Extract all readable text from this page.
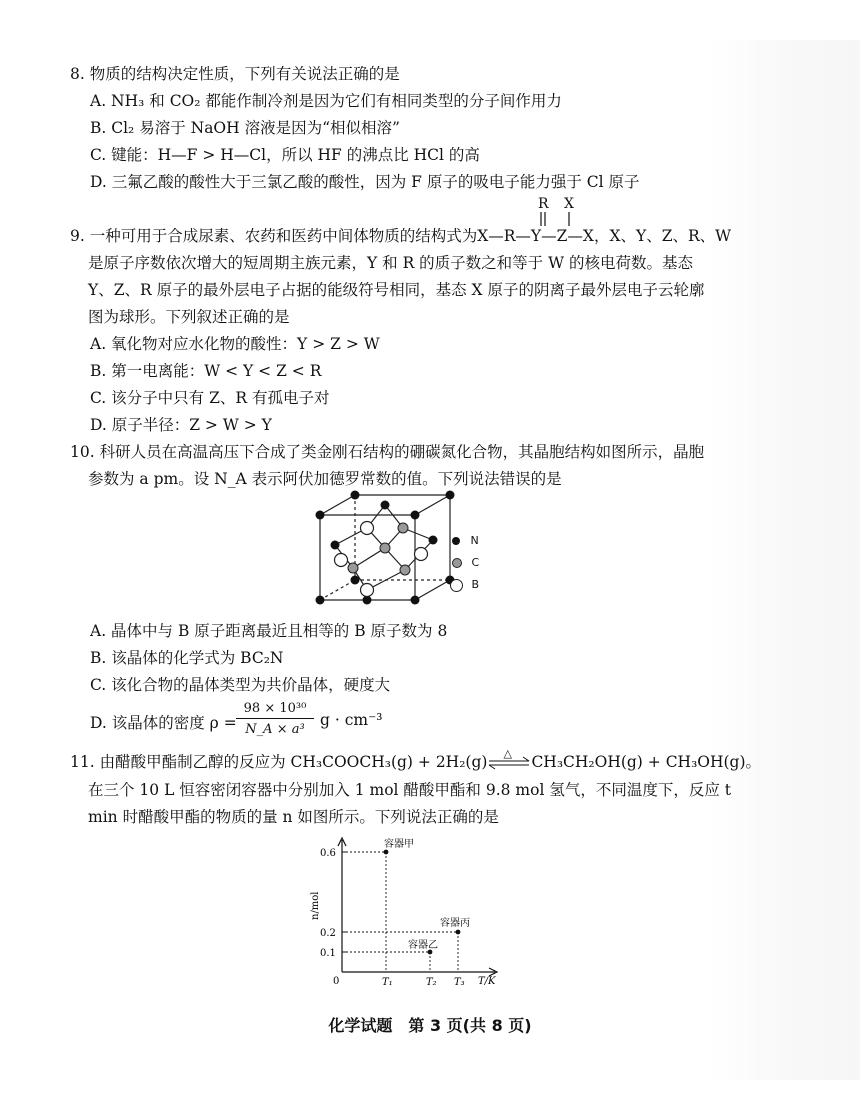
8. 物质的结构决定性质，下列有关说法正确的是
A. NH₃ 和 CO₂ 都能作制冷剂是因为它们有相同类型的分子间作用力
B. Cl₂ 易溶于 NaOH 溶液是因为“相似相溶”
C. 键能：H—F > H—Cl，所以 HF 的沸点比 HCl 的高
D. 三氟乙酸的酸性大于三氯乙酸的酸性，因为 F 原子的吸电子能力强于 Cl 原子
R X
9. 一种可用于合成尿素、农药和医药中间体物质的结构式为X—R—Y—Z—X，X、Y、Z、R、W
是原子序数依次增大的短周期主族元素，Y 和 R 的质子数之和等于 W 的核电荷数。基态
Y、Z、R 原子的最外层电子占据的能级符号相同，基态 X 原子的阴离子最外层电子云轮廓
图为球形。下列叙述正确的是
A. 氧化物对应水化物的酸性：Y > Z > W
B. 第一电离能：W < Y < Z < R
C. 该分子中只有 Z、R 有孤电子对
D. 原子半径：Z > W > Y
10. 科研人员在高温高压下合成了类金刚石结构的硼碳氮化合物，其晶胞结构如图所示，晶胞
参数为 a pm。设 N_A 表示阿伏加德罗常数的值。下列说法错误的是
N
C
B
A. 晶体中与 B 原子距离最近且相等的 B 原子数为 8
B. 该晶体的化学式为 BC₂N
C. 该化合物的晶体类型为共价晶体，硬度大
D. 该晶体的密度 ρ =
98 × 10³⁰
N_A × a³
g · cm⁻³
11. 由醋酸甲酯制乙醇的反应为 CH₃COOCH₃(g) + 2H₂(g) △ CH₃CH₂OH(g) + CH₃OH(g)。
在三个 10 L 恒容密闭容器中分别加入 1 mol 醋酸甲酯和 9.8 mol 氢气，不同温度下，反应 t
min 时醋酸甲酯的物质的量 n 如图所示。下列说法正确的是
容器甲
容器乙
容器丙
n/mol
0	T/K
0.6
0.2
0.1
T₁	T₂ T₃
化学试题　第 3 页(共 8 页)
